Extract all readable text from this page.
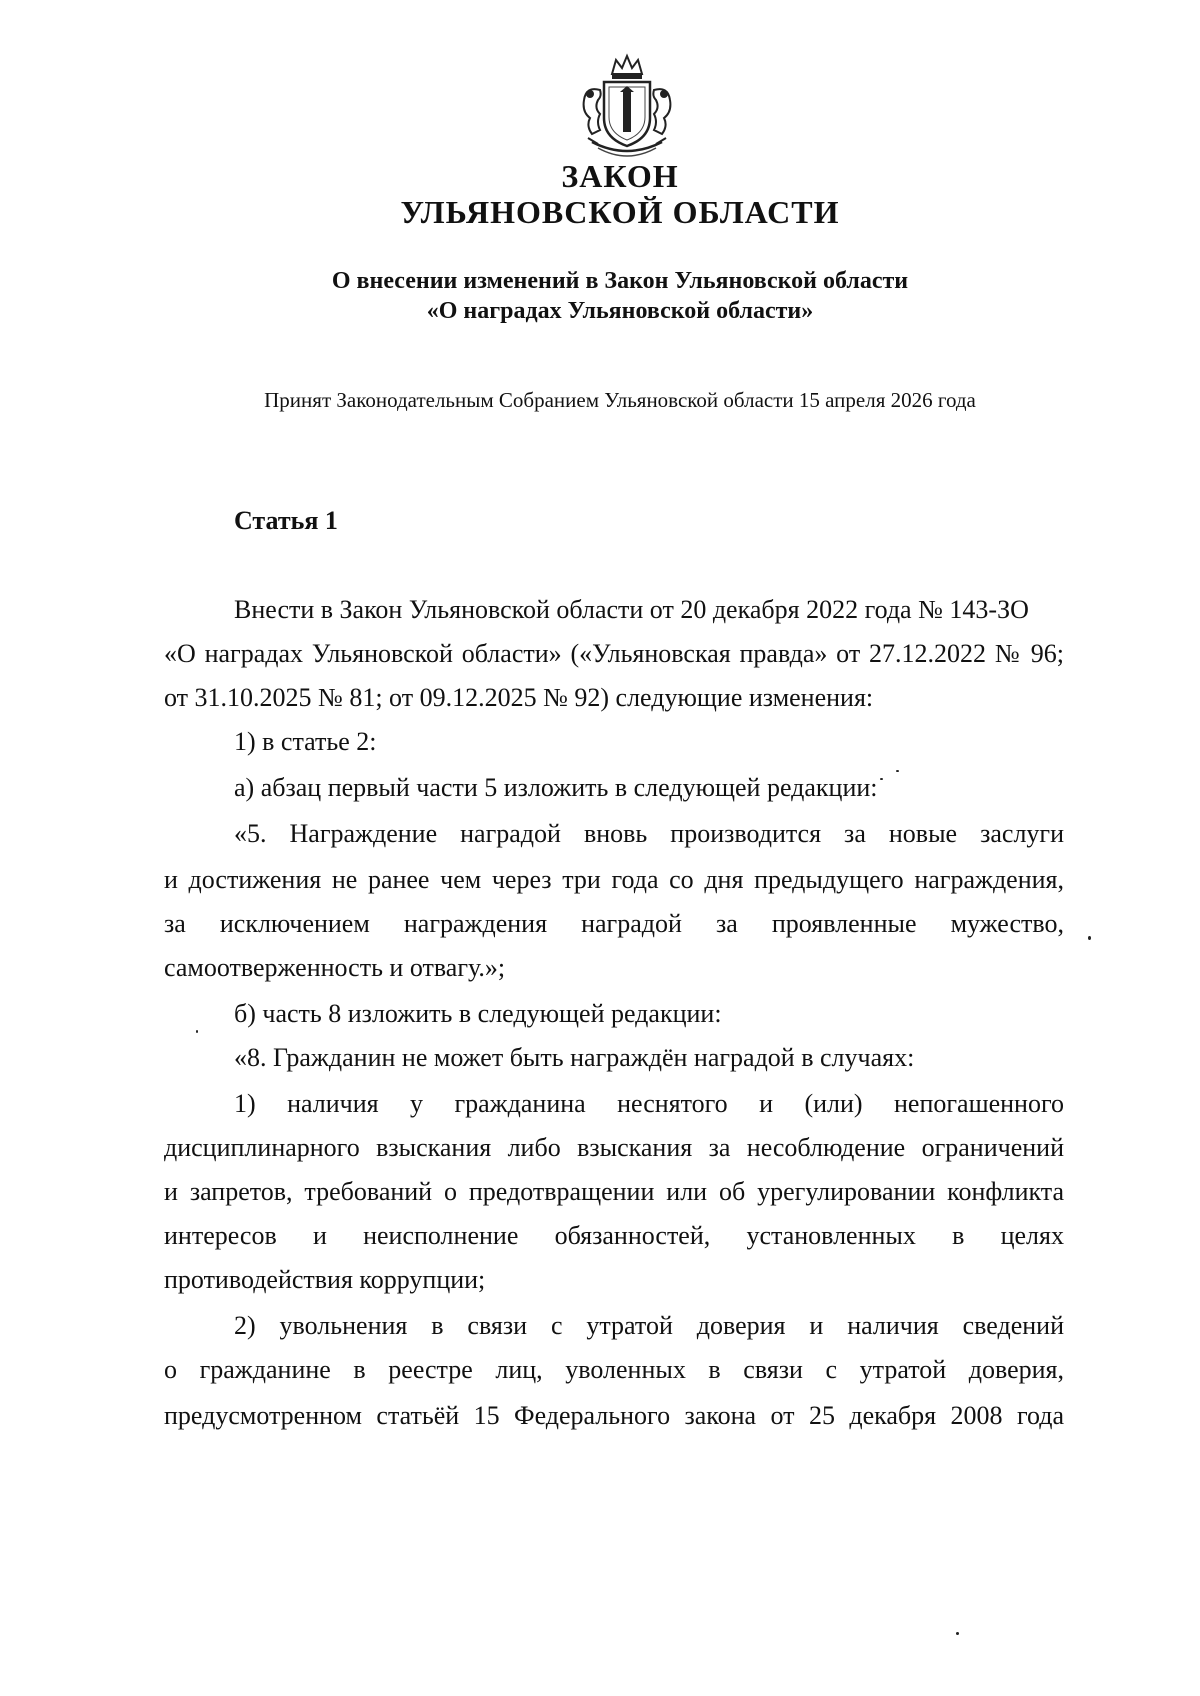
ЗАКОН
УЛЬЯНОВСКОЙ ОБЛАСТИ
О внесении изменений в Закон Ульяновской области
«О наградах Ульяновской области»
Принят Законодательным Собранием Ульяновской области 15 апреля 2026 года
Статья 1
Внести в Закон Ульяновской области от 20 декабря 2022 года № 143-ЗО
«О наградах Ульяновской области» («Ульяновская правда» от 27.12.2022 № 96;
от 31.10.2025 № 81; от 09.12.2025 № 92) следующие изменения:
1) в статье 2:
а) абзац первый части 5 изложить в следующей редакции:
«5. Награждение наградой вновь производится за новые заслуги
и достижения не ранее чем через три года со дня предыдущего награждения,
за исключением награждения наградой за проявленные мужество,
самоотверженность и отвагу.»;
б) часть 8 изложить в следующей редакции:
«8. Гражданин не может быть награждён наградой в случаях:
1) наличия у гражданина неснятого и (или) непогашенного
дисциплинарного взыскания либо взыскания за несоблюдение ограничений
и запретов, требований о предотвращении или об урегулировании конфликта
интересов и неисполнение обязанностей, установленных в целях
противодействия коррупции;
2) увольнения в связи с утратой доверия и наличия сведений
о гражданине в реестре лиц, уволенных в связи с утратой доверия,
предусмотренном статьёй 15 Федерального закона от 25 декабря 2008 года
